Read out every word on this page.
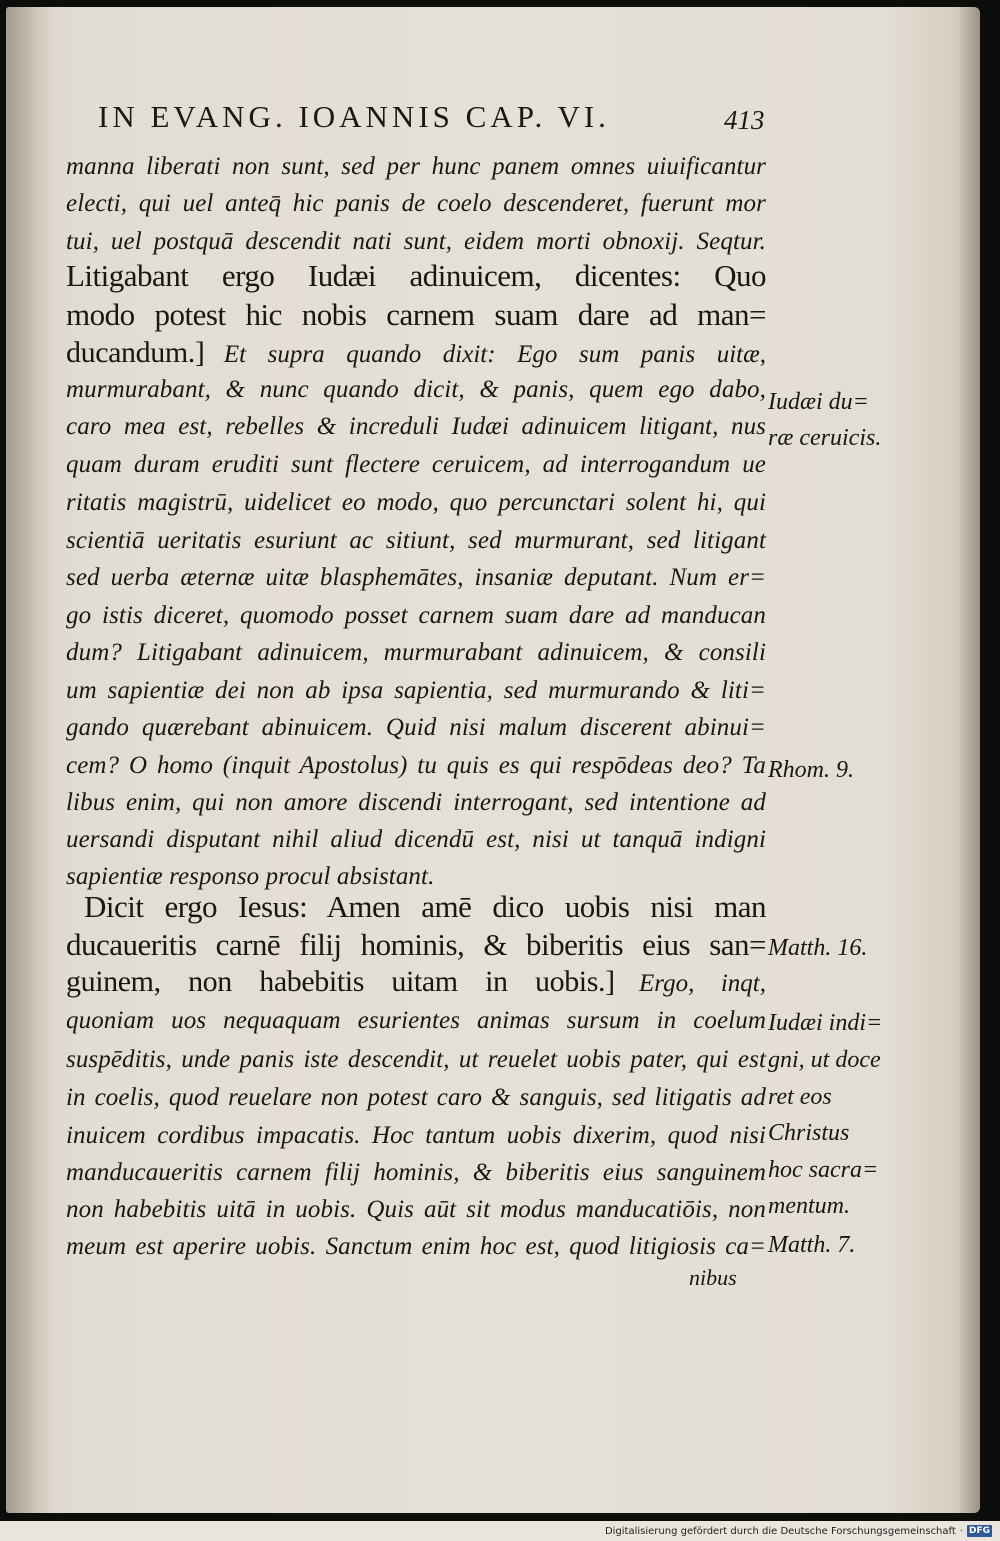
IN EVANG. IOANNIS CAP. VI.	413
manna liberati non sunt, sed per hunc panem omnes uiuificantur
electi, qui uel anteq̄ hic panis de coelo descenderet, fuerunt mor
tui, uel postquā descendit nati sunt, eidem morti obnoxij. Seqtur.
Litigabant ergo Iudæi adinuicem, dicentes: Quo
modo potest hic nobis carnem suam dare ad man=
ducandum.] Et supra quando dixit: Ego sum panis uitæ,
murmurabant, & nunc quando dicit, & panis, quem ego dabo,
caro mea est, rebelles & increduli Iudæi adinuicem litigant, nus
quam duram eruditi sunt flectere ceruicem, ad interrogandum ue
ritatis magistrū, uidelicet eo modo, quo percunctari solent hi, qui
scientiā ueritatis esuriunt ac sitiunt, sed murmurant, sed litigant
sed uerba æternæ uitæ blasphemātes, insaniæ deputant. Num er=
go istis diceret, quomodo posset carnem suam dare ad manducan
dum? Litigabant adinuicem, murmurabant adinuicem, & consili
um sapientiæ dei non ab ipsa sapientia, sed murmurando & liti=
gando quærebant abinuicem. Quid nisi malum discerent abinui=
cem? O homo (inquit Apostolus) tu quis es qui respōdeas deo? Ta
libus enim, qui non amore discendi interrogant, sed intentione ad
uersandi disputant nihil aliud dicendū est, nisi ut tanquā indigni
sapientiæ responso procul absistant.
Dicit ergo Iesus: Amen amē dico uobis nisi man
ducaueritis carnē filij hominis, & biberitis eius san=
guinem, non habebitis uitam in uobis.] Ergo, inqt,
quoniam uos nequaquam esurientes animas sursum in coelum
suspēditis, unde panis iste descendit, ut reuelet uobis pater, qui est
in coelis, quod reuelare non potest caro & sanguis, sed litigatis ad
inuicem cordibus impacatis. Hoc tantum uobis dixerim, quod nisi
manducaueritis carnem filij hominis, & biberitis eius sanguinem
non habebitis uitā in uobis. Quis aūt sit modus manducatiōis, non
meum est aperire uobis. Sanctum enim hoc est, quod litigiosis ca=
nibus
Iudæi du=
ræ ceruicis.
Rhom. 9.
Matth. 16.
Iudæi indi=
gni, ut doce
ret eos
Christus
hoc sacra=
mentum.
Matth. 7.
Digitalisierung gefördert durch die Deutsche Forschungsgemeinschaft · DFG
